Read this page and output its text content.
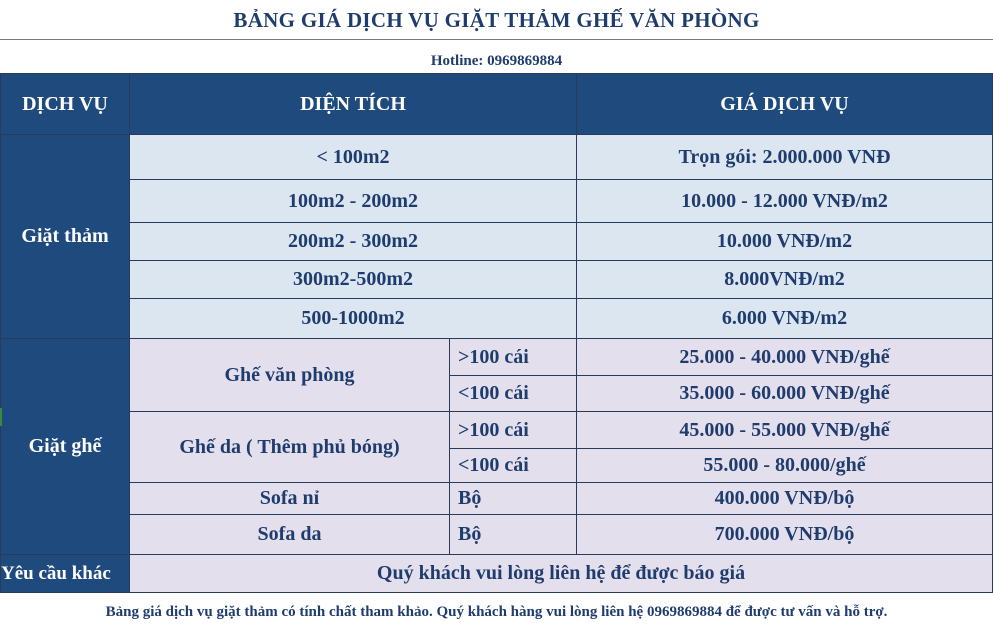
BẢNG GIÁ DỊCH VỤ GIẶT THẢM GHẾ VĂN PHÒNG
Hotline: 0969869884
DỊCH VỤ	DIỆN TÍCH		GIÁ DỊCH VỤ
Giặt thảm	< 100m2		Trọn gói: 2.000.000 VNĐ
	100m2 - 200m2		10.000 - 12.000 VNĐ/m2
	200m2 - 300m2		10.000 VNĐ/m2
	300m2-500m2		8.000VNĐ/m2
	500-1000m2		6.000 VNĐ/m2
Giặt ghế	Ghế văn phòng	>100 cái	25.000 - 40.000 VNĐ/ghế
		<100 cái	35.000 - 60.000 VNĐ/ghế
	Ghế da ( Thêm phủ bóng)	>100 cái	45.000 - 55.000 VNĐ/ghế
		<100 cái	55.000 - 80.000/ghế
	Sofa nỉ	Bộ	400.000 VNĐ/bộ
	Sofa da	Bộ	700.000 VNĐ/bộ
Yêu cầu khác	Quý khách vui lòng liên hệ để được báo giá		
Bảng giá dịch vụ giặt thảm có tính chất tham khảo. Quý khách hàng vui lòng liên hệ 0969869884 để được tư vấn và hỗ trợ.
